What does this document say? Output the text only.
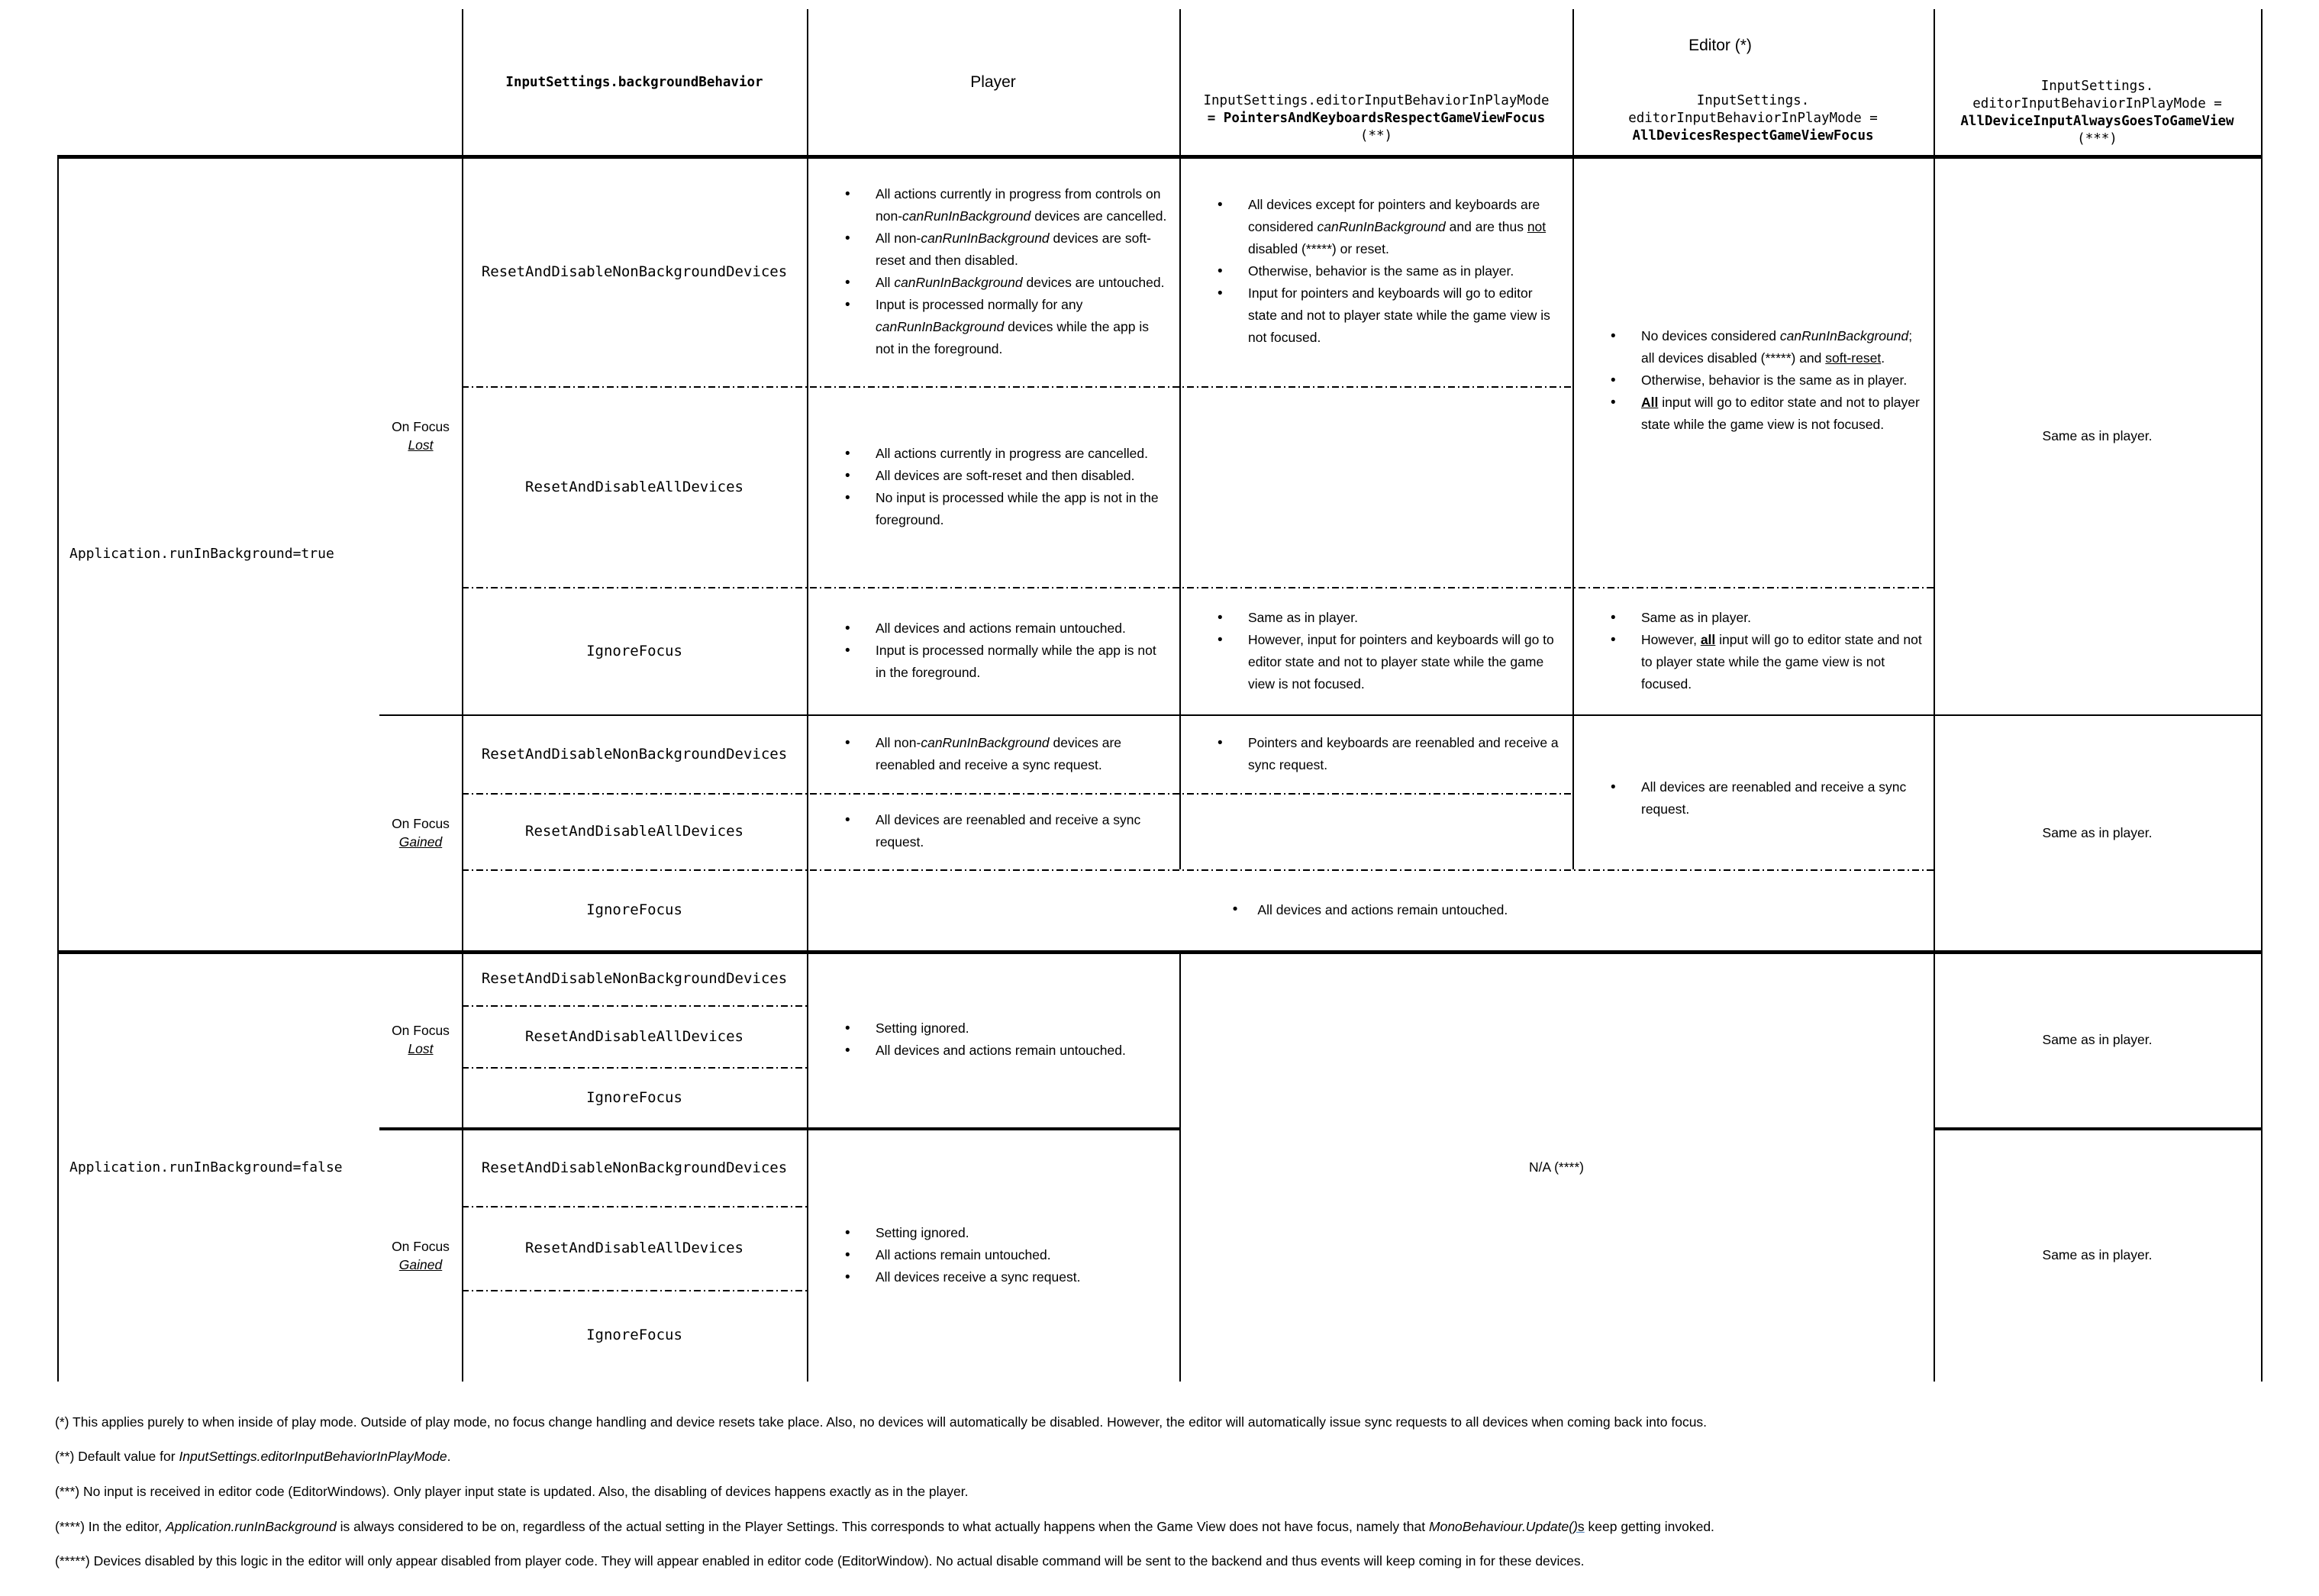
InputSettings.backgroundBehavior	Player
Editor (*)
InputSettings.editorInputBehaviorInPlayMode
= PointersAndKeyboardsRespectGameViewFocus
(**)
InputSettings.
editorInputBehaviorInPlayMode =
AllDevicesRespectGameViewFocus
InputSettings.
editorInputBehaviorInPlayMode =
AllDeviceInputAlwaysGoesToGameView
(***)
Application.runInBackground=true
Application.runInBackground=false
On Focus
Lost
On Focus
Gained
On Focus
Lost
On Focus
Gained
ResetAndDisableNonBackgroundDevices
ResetAndDisableAllDevices
IgnoreFocus
ResetAndDisableNonBackgroundDevices
ResetAndDisableAllDevices
IgnoreFocus
ResetAndDisableNonBackgroundDevices
ResetAndDisableAllDevices
IgnoreFocus
ResetAndDisableNonBackgroundDevices
ResetAndDisableAllDevices
IgnoreFocus
• All actions currently in progress from controls on non-canRunInBackground devices are cancelled.
• All non-canRunInBackground devices are soft-reset and then disabled.
• All canRunInBackground devices are untouched.
• Input is processed normally for any canRunInBackground devices while the app is not in the foreground.
• All actions currently in progress are cancelled.
• All devices are soft-reset and then disabled.
• No input is processed while the app is not in the foreground.
• All devices and actions remain untouched.
• Input is processed normally while the app is not in the foreground.
• All non-canRunInBackground devices are reenabled and receive a sync request.
• All devices are reenabled and receive a sync request.
• All devices except for pointers and keyboards are considered canRunInBackground and are thus not disabled (*****) or reset.
• Otherwise, behavior is the same as in player.
• Input for pointers and keyboards will go to editor state and not to player state while the game view is not focused.
• Same as in player.
• However, input for pointers and keyboards will go to editor state and not to player state while the game view is not focused.
• Pointers and keyboards are reenabled and receive a sync request.
• No devices considered canRunInBackground; all devices disabled (*****) and soft-reset.
• Otherwise, behavior is the same as in player.
• All input will go to editor state and not to player state while the game view is not focused.
• Same as in player.
• However, all input will go to editor state and not to player state while the game view is not focused.
• All devices are reenabled and receive a sync request.
• All devices and actions remain untouched.
Same as in player.
Same as in player.
Same as in player.
Same as in player.
• Setting ignored.
• All devices and actions remain untouched.
• Setting ignored.
• All actions remain untouched.
• All devices receive a sync request.
N/A (****)
(*) This applies purely to when inside of play mode. Outside of play mode, no focus change handling and device resets take place. Also, no devices will automatically be disabled. However, the editor will automatically issue sync requests to all devices when coming back into focus.
(**) Default value for InputSettings.editorInputBehaviorInPlayMode.
(***) No input is received in editor code (EditorWindows). Only player input state is updated. Also, the disabling of devices happens exactly as in the player.
(****) In the editor, Application.runInBackground is always considered to be on, regardless of the actual setting in the Player Settings. This corresponds to what actually happens when the Game View does not have focus, namely that MonoBehaviour.Update()s keep getting invoked.
(*****) Devices disabled by this logic in the editor will only appear disabled from player code. They will appear enabled in editor code (EditorWindow). No actual disable command will be sent to the backend and thus events will keep coming in for these devices.
